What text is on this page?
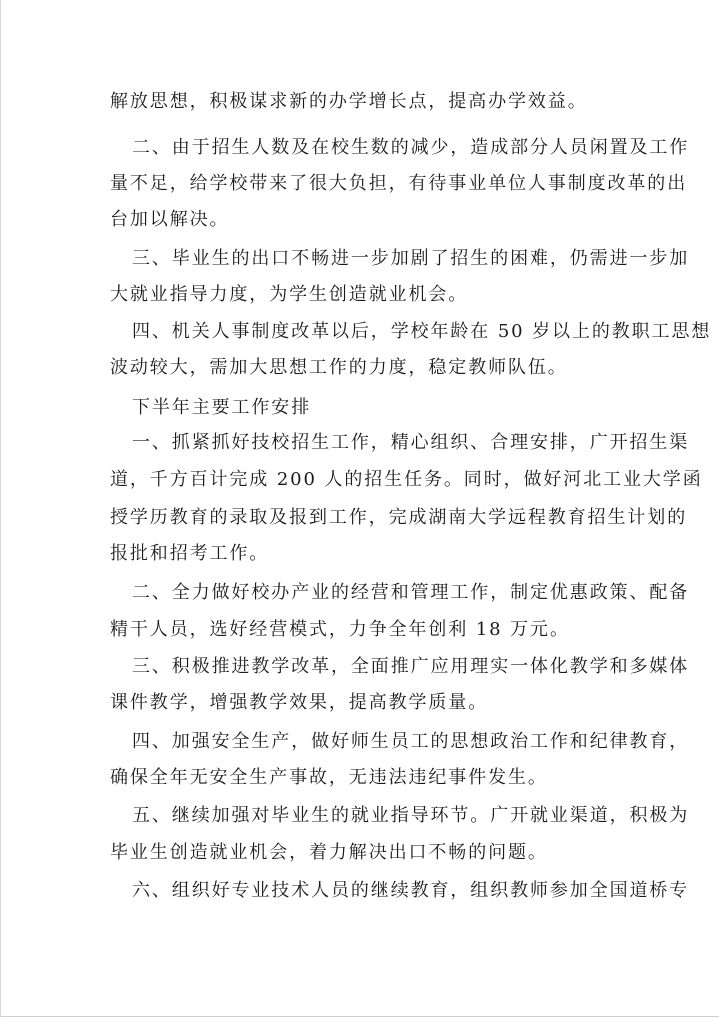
解放思想，积极谋求新的办学增长点，提高办学效益。

二、由于招生人数及在校生数的减少，造成部分人员闲置及工作

量不足，给学校带来了很大负担，有待事业单位人事制度改革的出

台加以解决。

三、毕业生的出口不畅进一步加剧了招生的困难，仍需进一步加

大就业指导力度，为学生创造就业机会。

四、机关人事制度改革以后，学校年龄在 50 岁以上的教职工思想

波动较大，需加大思想工作的力度，稳定教师队伍。

下半年主要工作安排

一、抓紧抓好技校招生工作，精心组织、合理安排，广开招生渠

道，千方百计完成 200 人的招生任务。同时，做好河北工业大学函

授学历教育的录取及报到工作，完成湖南大学远程教育招生计划的

报批和招考工作。

二、全力做好校办产业的经营和管理工作，制定优惠政策、配备

精干人员，选好经营模式，力争全年创利 18 万元。

三、积极推进教学改革，全面推广应用理实一体化教学和多媒体

课件教学，增强教学效果，提高教学质量。

四、加强安全生产，做好师生员工的思想政治工作和纪律教育，

确保全年无安全生产事故，无违法违纪事件发生。

五、继续加强对毕业生的就业指导环节。广开就业渠道，积极为

毕业生创造就业机会，着力解决出口不畅的问题。

六、组织好专业技术人员的继续教育，组织教师参加全国道桥专
